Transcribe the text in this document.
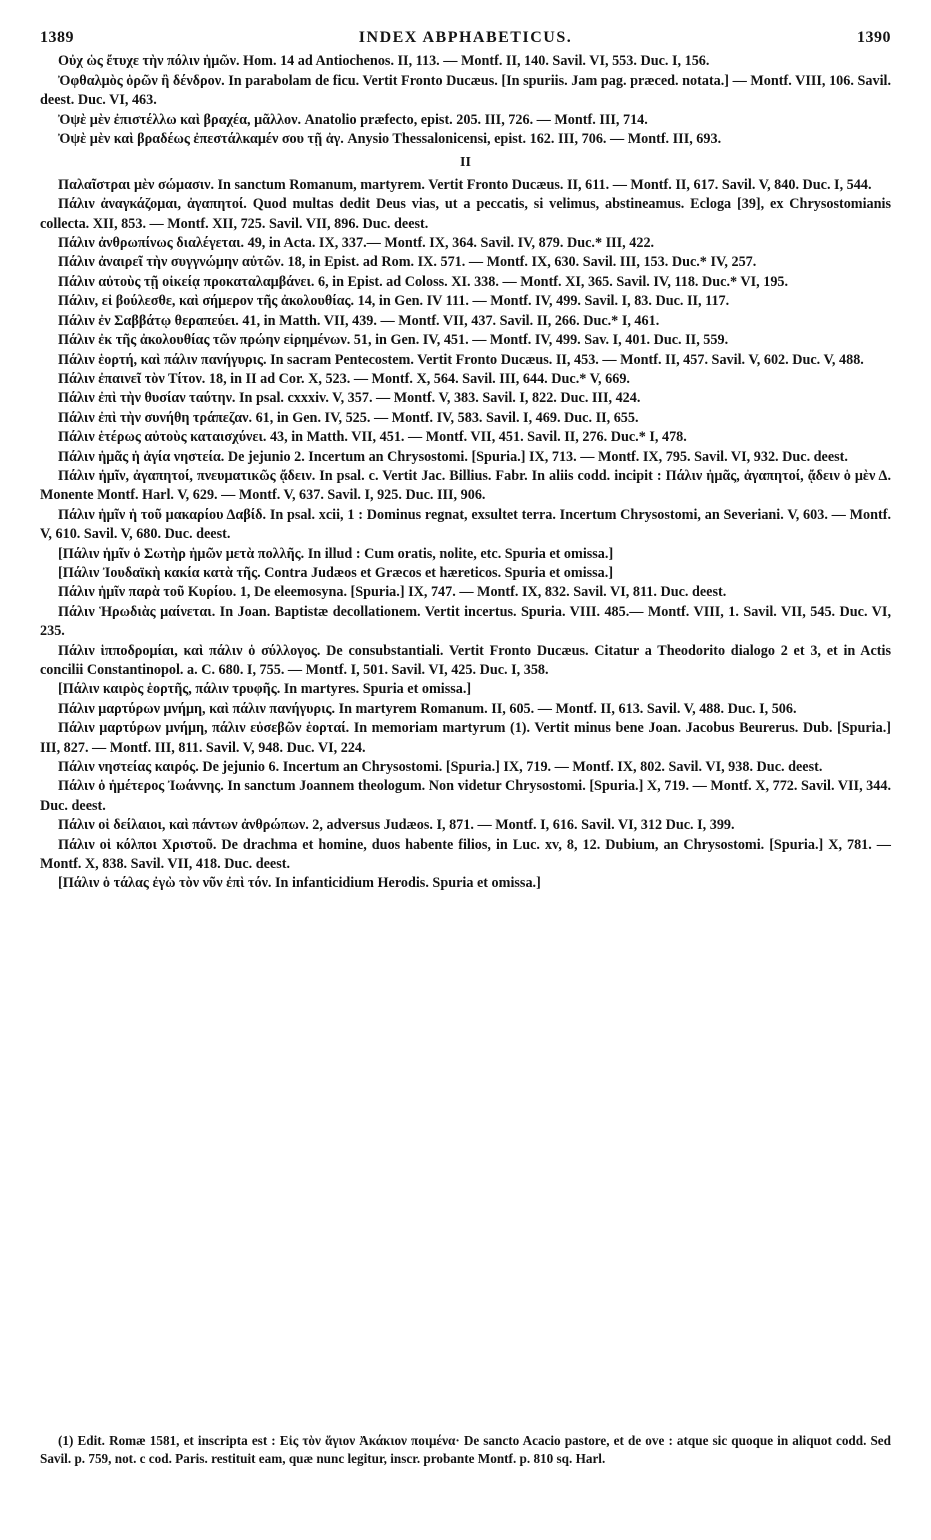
1389	INDEX ABPHABETICUS.	1390

Οὐχ ὡς ἔτυχε τὴν πόλιν ἡμῶν. Hom. 14 ad Antiochenos. II, 113. — Montf. II, 140. Savil. VI, 553. Duc. I, 156.

Ὀφθαλμὸς ὁρῶν ἢ δένδρον. In parabolam de ficu. Vertit Fronto Ducæus. [In spuriis. Jam pag. præced. notata.] — Montf. VIII, 106. Savil. deest. Duc. VI, 463.

Ὀψὲ μὲν ἐπιστέλλω καὶ βραχέα, μᾶλλον. Anatolio præfecto, epist. 205. III, 726. — Montf. III, 714.

Ὀψὲ μὲν καὶ βραδέως ἐπεστάλκαμέν σου τῇ ἀγ. Anysio Thessalonicensi, epist. 162. III, 706. — Montf. III, 693.

II

Παλαῖστραι μὲν σώμασιν. In sanctum Romanum, martyrem. Vertit Fronto Ducæus. II, 611. — Montf. II, 617. Savil. V, 840. Duc. I, 544.

Πάλιν ἀναγκάζομαι, ἀγαπητοί. Quod multas dedit Deus vias, ut a peccatis, si velimus, abstineamus. Ecloga [39], ex Chrysostomianis collecta. XII, 853. — Montf. XII, 725. Savil. VII, 896. Duc. deest.

Πάλιν ἀνθρωπίνως διαλέγεται. 49, in Acta. IX, 337.— Montf. IX, 364. Savil. IV, 879. Duc.* III, 422.

Πάλιν ἀναιρεῖ τὴν συγγνώμην αὐτῶν. 18, in Epist. ad Rom. IX. 571. — Montf. IX, 630. Savil. III, 153. Duc.* IV, 257.

Πάλιν αὐτοὺς τῇ οἰκείᾳ προκαταλαμβάνει. 6, in Epist. ad Coloss. XI. 338. — Montf. XI, 365. Savil. IV, 118. Duc.* VI, 195.

Πάλιν, εἰ βούλεσθε, καὶ σήμερον τῆς ἀκολουθίας. 14, in Gen. IV 111. — Montf. IV, 499. Savil. I, 83. Duc. II, 117.

Πάλιν ἐν Σαββάτῳ θεραπεύει. 41, in Matth. VII, 439. — Montf. VII, 437. Savil. II, 266. Duc.* I, 461.

Πάλιν ἐκ τῆς ἀκολουθίας τῶν πρώην εἰρημένων. 51, in Gen. IV, 451. — Montf. IV, 499. Sav. I, 401. Duc. II, 559.

Πάλιν ἑορτή, καὶ πάλιν πανήγυρις. In sacram Pentecostem. Vertit Fronto Ducæus. II, 453. — Montf. II, 457. Savil. V, 602. Duc. V, 488.

Πάλιν ἐπαινεῖ τὸν Τίτον. 18, in II ad Cor. X, 523. — Montf. X, 564. Savil. III, 644. Duc.* V, 669.

Πάλιν ἐπὶ τὴν θυσίαν ταύτην. In psal. cxxxiv. V, 357. — Montf. V, 383. Savil. I, 822. Duc. III, 424.

Πάλιν ἐπὶ τὴν συνήθη τράπεζαν. 61, in Gen. IV, 525. — Montf. IV, 583. Savil. I, 469. Duc. II, 655.

Πάλιν ἑτέρως αὐτοὺς καταισχύνει. 43, in Matth. VII, 451. — Montf. VII, 451. Savil. II, 276. Duc.* I, 478.

Πάλιν ἡμᾶς ἡ ἁγία νηστεία. De jejunio 2. Incertum an Chrysostomi. [Spuria.] IX, 713. — Montf. IX, 795. Savil. VI, 932. Duc. deest.

Πάλιν ἡμῖν, ἀγαπητοί, πνευματικῶς ᾄδειν. In psal. c. Vertit Jac. Billius. Fabr. In aliis codd. incipit : Πάλιν ἡμᾶς, ἀγαπητοί, ᾄδειν ὁ μὲν Δ. Monente Montf. Harl. V, 629. — Montf. V, 637. Savil. I, 925. Duc. III, 906.

Πάλιν ἡμῖν ἡ τοῦ μακαρίου Δαβίδ. In psal. xcii, 1 : Dominus regnat, exsultet terra. Incertum Chrysostomi, an Severiani. V, 603. — Montf. V, 610. Savil. V, 680. Duc. deest.

[Πάλιν ἡμῖν ὁ Σωτὴρ ἡμῶν μετὰ πολλῆς. In illud : Cum oratis, nolite, etc. Spuria et omissa.]

[Πάλιν Ἰουδαϊκὴ κακία κατὰ τῆς. Contra Judæos et Græcos et hæreticos. Spuria et omissa.]

Πάλιν ἡμῖν παρὰ τοῦ Κυρίου. 1, De eleemosyna. [Spuria.] IX, 747. — Montf. IX, 832. Savil. VI, 811. Duc. deest.

Πάλιν Ἡρωδιὰς μαίνεται. In Joan. Baptistæ decollationem. Vertit incertus. Spuria. VIII. 485.— Montf. VIII, 1. Savil. VII, 545. Duc. VI, 235.

Πάλιν ἱπποδρομίαι, καὶ πάλιν ὁ σύλλογος. De consubstantiali. Vertit Fronto Ducæus. Citatur a Theodorito dialogo 2 et 3, et in Actis concilii Constantinopol. a. C. 680. I, 755. — Montf. I, 501. Savil. VI, 425. Duc. I, 358.

[Πάλιν καιρὸς ἑορτῆς, πάλιν τρυφῆς. In martyres. Spuria et omissa.]

Πάλιν μαρτύρων μνήμη, καὶ πάλιν πανήγυρις. In martyrem Romanum. II, 605. — Montf. II, 613. Savil. V, 488. Duc. I, 506.

Πάλιν μαρτύρων μνήμη, πάλιν εὐσεβῶν ἑορταί. In memoriam martyrum (1). Vertit minus bene Joan. Jacobus Beurerus. Dub. [Spuria.] III, 827. — Montf. III, 811. Savil. V, 948. Duc. VI, 224.

Πάλιν νηστείας καιρός. De jejunio 6. Incertum an Chrysostomi. [Spuria.] IX, 719. — Montf. IX, 802. Savil. VI, 938. Duc. deest.

Πάλιν ὁ ἡμέτερος Ἰωάννης. In sanctum Joannem theologum. Non videtur Chrysostomi. [Spuria.] X, 719. — Montf. X, 772. Savil. VII, 344. Duc. deest.

Πάλιν οἱ δείλαιοι, καὶ πάντων ἀνθρώπων. 2, adversus Judæos. I, 871. — Montf. I, 616. Savil. VI, 312 Duc. I, 399.

Πάλιν οἱ κόλποι Χριστοῦ. De drachma et homine, duos habente filios, in Luc. xv, 8, 12. Dubium, an Chrysostomi. [Spuria.] X, 781. — Montf. X, 838. Savil. VII, 418. Duc. deest.

[Πάλιν ὁ τάλας ἐγὼ τὸν νῦν ἐπὶ τόν. In infanticidium Herodis. Spuria et omissa.]

(1) Edit. Romæ 1581, et inscripta est : Εἰς τὸν ἅγιον Ἀκάκιον ποιμένα· De sancto Acacio pastore, et de ove : atque sic quoque in aliquot codd. Sed Savil. p. 759, not. c cod. Paris. restituit eam, quæ nunc legitur, inscr. probante Montf. p. 810 sq. Harl.
